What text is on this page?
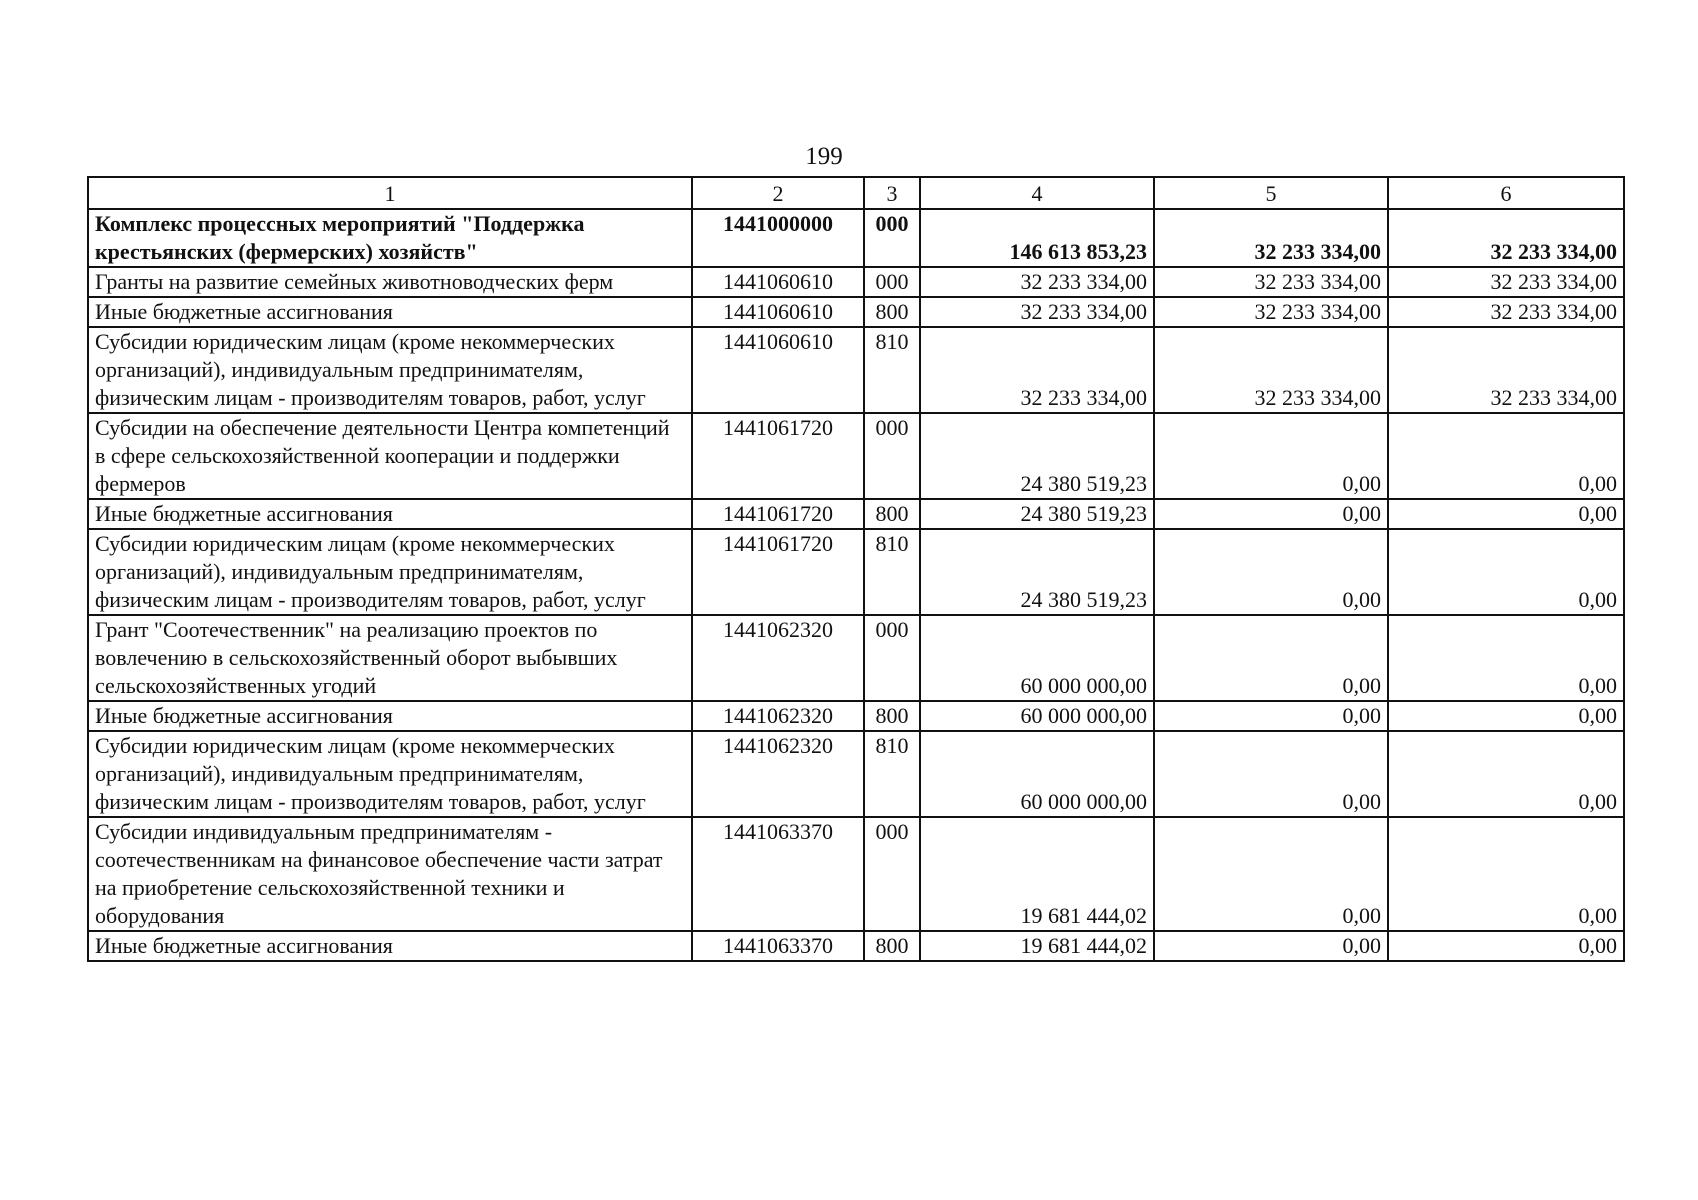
199
1	2	3	4	5	6
Комплекс процессных мероприятий "Поддержка крестьянских (фермерских) хозяйств"	1441000000	000	146 613 853,23	32 233 334,00	32 233 334,00
Гранты на развитие семейных животноводческих ферм	1441060610	000	32 233 334,00	32 233 334,00	32 233 334,00
Иные бюджетные ассигнования	1441060610	800	32 233 334,00	32 233 334,00	32 233 334,00
Субсидии юридическим лицам (кроме некоммерческих организаций), индивидуальным предпринимателям, физическим лицам - производителям товаров, работ, услуг	1441060610	810	32 233 334,00	32 233 334,00	32 233 334,00
Субсидии на обеспечение деятельности Центра компетенций в сфере сельскохозяйственной кооперации и поддержки фермеров	1441061720	000	24 380 519,23	0,00	0,00
Иные бюджетные ассигнования	1441061720	800	24 380 519,23	0,00	0,00
Субсидии юридическим лицам (кроме некоммерческих организаций), индивидуальным предпринимателям, физическим лицам - производителям товаров, работ, услуг	1441061720	810	24 380 519,23	0,00	0,00
Грант "Соотечественник" на реализацию проектов по вовлечению в сельскохозяйственный оборот выбывших сельскохозяйственных угодий	1441062320	000	60 000 000,00	0,00	0,00
Иные бюджетные ассигнования	1441062320	800	60 000 000,00	0,00	0,00
Субсидии юридическим лицам (кроме некоммерческих организаций), индивидуальным предпринимателям, физическим лицам - производителям товаров, работ, услуг	1441062320	810	60 000 000,00	0,00	0,00
Субсидии индивидуальным предпринимателям - соотечественникам на финансовое обеспечение части затрат на приобретение сельскохозяйственной техники и оборудования	1441063370	000	19 681 444,02	0,00	0,00
Иные бюджетные ассигнования	1441063370	800	19 681 444,02	0,00	0,00
